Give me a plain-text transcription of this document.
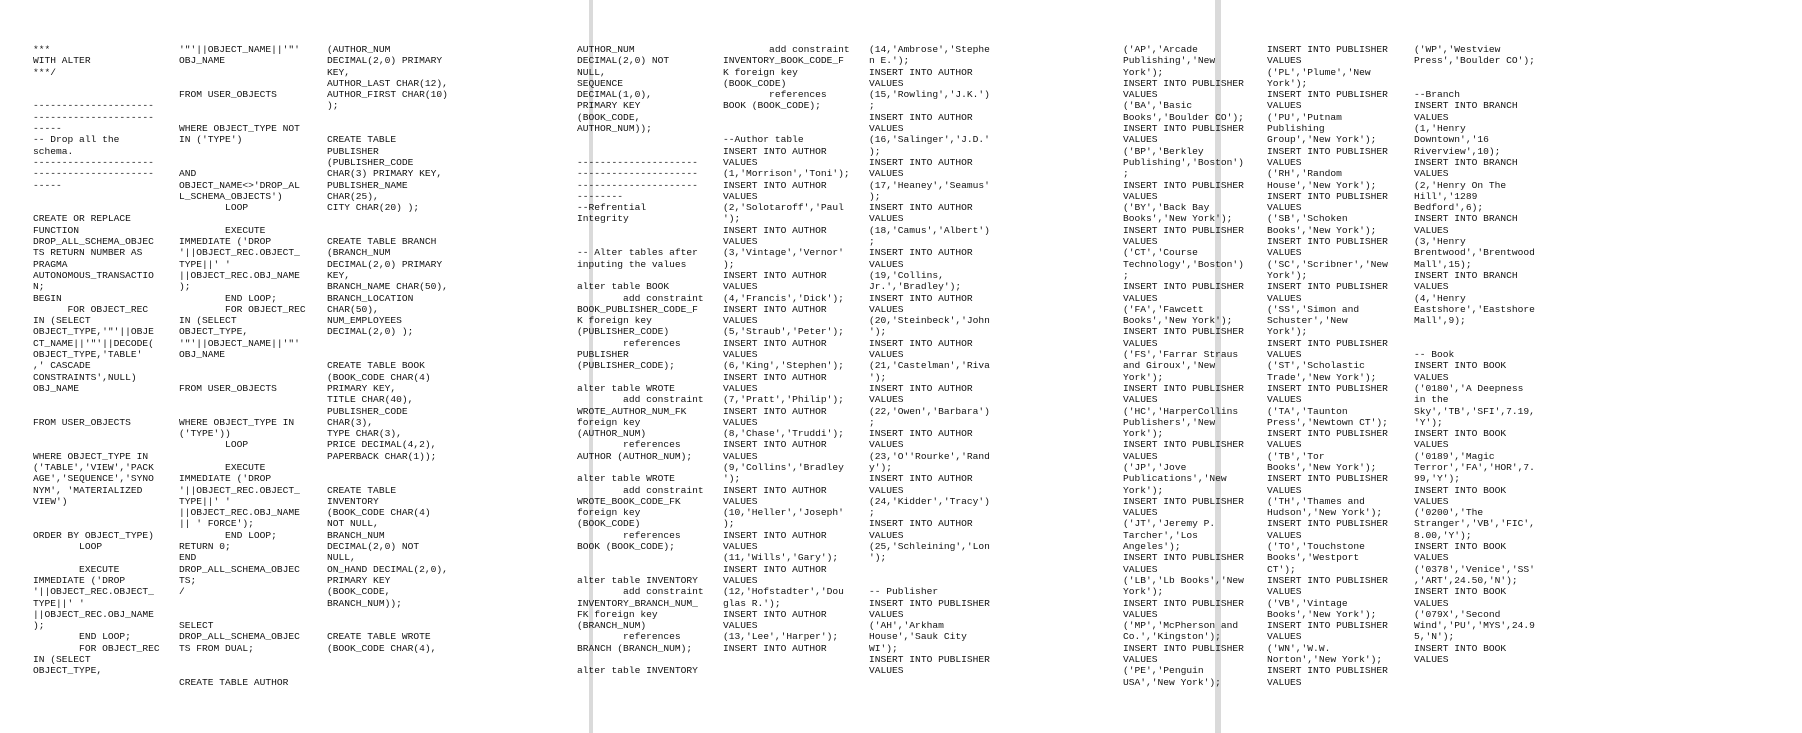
***
WITH ALTER
***/
---------------------
---------------------
-----
-- Drop all the
schema.
---------------------
---------------------
-----
CREATE OR REPLACE
FUNCTION
DROP_ALL_SCHEMA_OBJEC
TS RETURN NUMBER AS
PRAGMA
AUTONOMOUS_TRANSACTIO
N;
BEGIN
FOR OBJECT_REC
IN (SELECT
OBJECT_TYPE,'"'||OBJE
CT_NAME||'"'||DECODE(
OBJECT_TYPE,'TABLE'
,' CASCADE
CONSTRAINTS',NULL)
OBJ_NAME
FROM USER_OBJECTS
WHERE OBJECT_TYPE IN
('TABLE','VIEW','PACK
AGE','SEQUENCE','SYNO
NYM', 'MATERIALIZED
VIEW')
ORDER BY OBJECT_TYPE)
LOOP
EXECUTE
IMMEDIATE ('DROP
'||OBJECT_REC.OBJECT_
TYPE||' '
||OBJECT_REC.OBJ_NAME
);
END LOOP;
FOR OBJECT_REC
IN (SELECT
OBJECT_TYPE,
'"'||OBJECT_NAME||'"'
OBJ_NAME
FROM USER_OBJECTS
WHERE OBJECT_TYPE NOT
IN ('TYPE')
AND
OBJECT_NAME<>'DROP_AL
L_SCHEMA_OBJECTS')
LOOP
EXECUTE
IMMEDIATE ('DROP
'||OBJECT_REC.OBJECT_
TYPE||' '
||OBJECT_REC.OBJ_NAME
);
END LOOP;
FOR OBJECT_REC
IN (SELECT
OBJECT_TYPE,
'"'||OBJECT_NAME||'"'
OBJ_NAME
FROM USER_OBJECTS
WHERE OBJECT_TYPE IN
('TYPE'))
LOOP
EXECUTE
IMMEDIATE ('DROP
'||OBJECT_REC.OBJECT_
TYPE||' '
||OBJECT_REC.OBJ_NAME
|| ' FORCE');
END LOOP;
RETURN 0;
END
DROP_ALL_SCHEMA_OBJEC
TS;
/
SELECT
DROP_ALL_SCHEMA_OBJEC
TS FROM DUAL;
CREATE TABLE AUTHOR
(AUTHOR_NUM
DECIMAL(2,0) PRIMARY
KEY,
AUTHOR_LAST CHAR(12),
AUTHOR_FIRST CHAR(10)
);
CREATE TABLE
PUBLISHER
(PUBLISHER_CODE
CHAR(3) PRIMARY KEY,
PUBLISHER_NAME
CHAR(25),
CITY CHAR(20) );
CREATE TABLE BRANCH
(BRANCH_NUM
DECIMAL(2,0) PRIMARY
KEY,
BRANCH_NAME CHAR(50),
BRANCH_LOCATION
CHAR(50),
NUM_EMPLOYEES
DECIMAL(2,0) );
CREATE TABLE BOOK
(BOOK_CODE CHAR(4)
PRIMARY KEY,
TITLE CHAR(40),
PUBLISHER_CODE
CHAR(3),
TYPE CHAR(3),
PRICE DECIMAL(4,2),
PAPERBACK CHAR(1));
CREATE TABLE
INVENTORY
(BOOK_CODE CHAR(4)
NOT NULL,
BRANCH_NUM
DECIMAL(2,0) NOT
NULL,
ON_HAND DECIMAL(2,0),
PRIMARY KEY
(BOOK_CODE,
BRANCH_NUM));
CREATE TABLE WROTE
(BOOK_CODE CHAR(4),
AUTHOR_NUM
DECIMAL(2,0) NOT
NULL,
SEQUENCE
DECIMAL(1,0),
PRIMARY KEY
(BOOK_CODE,
AUTHOR_NUM));
---------------------
---------------------
---------------------
--------
--Refrential
Integrity
-- Alter tables after
inputing the values
alter table BOOK
add constraint
BOOK_PUBLISHER_CODE_F
K foreign key
(PUBLISHER_CODE)
references
PUBLISHER
(PUBLISHER_CODE);
alter table WROTE
add constraint
WROTE_AUTHOR_NUM_FK
foreign key
(AUTHOR_NUM)
references
AUTHOR (AUTHOR_NUM);
alter table WROTE
add constraint
WROTE_BOOK_CODE_FK
foreign key
(BOOK_CODE)
references
BOOK (BOOK_CODE);
alter table INVENTORY
add constraint
INVENTORY_BRANCH_NUM_
FK foreign key
(BRANCH_NUM)
references
BRANCH (BRANCH_NUM);
alter table INVENTORY
add constraint
INVENTORY_BOOK_CODE_F
K foreign key
(BOOK_CODE)
references
BOOK (BOOK_CODE);
--Author table
INSERT INTO AUTHOR
VALUES
(1,'Morrison','Toni');
INSERT INTO AUTHOR
VALUES
(2,'Solotaroff','Paul
');
INSERT INTO AUTHOR
VALUES
(3,'Vintage','Vernor'
);
INSERT INTO AUTHOR
VALUES
(4,'Francis','Dick');
INSERT INTO AUTHOR
VALUES
(5,'Straub','Peter');
INSERT INTO AUTHOR
VALUES
(6,'King','Stephen');
INSERT INTO AUTHOR
VALUES
(7,'Pratt','Philip');
INSERT INTO AUTHOR
VALUES
(8,'Chase','Truddi');
INSERT INTO AUTHOR
VALUES
(9,'Collins','Bradley
');
INSERT INTO AUTHOR
VALUES
(10,'Heller','Joseph'
);
INSERT INTO AUTHOR
VALUES
(11,'Wills','Gary');
INSERT INTO AUTHOR
VALUES
(12,'Hofstadter','Dou
glas R.');
INSERT INTO AUTHOR
VALUES
(13,'Lee','Harper');
INSERT INTO AUTHOR
(14,'Ambrose','Stephe
n E.');
INSERT INTO AUTHOR
VALUES
(15,'Rowling','J.K.')
;
INSERT INTO AUTHOR
VALUES
(16,'Salinger','J.D.'
);
INSERT INTO AUTHOR
VALUES
(17,'Heaney','Seamus'
);
INSERT INTO AUTHOR
VALUES
(18,'Camus','Albert')
;
INSERT INTO AUTHOR
VALUES
(19,'Collins,
Jr.','Bradley');
INSERT INTO AUTHOR
VALUES
(20,'Steinbeck','John
');
INSERT INTO AUTHOR
VALUES
(21,'Castelman','Riva
');
INSERT INTO AUTHOR
VALUES
(22,'Owen','Barbara')
;
INSERT INTO AUTHOR
VALUES
(23,'O''Rourke','Rand
y');
INSERT INTO AUTHOR
VALUES
(24,'Kidder','Tracy')
;
INSERT INTO AUTHOR
VALUES
(25,'Schleining','Lon
');
-- Publisher
INSERT INTO PUBLISHER
VALUES
('AH','Arkham
House','Sauk City
WI');
INSERT INTO PUBLISHER
VALUES
('AP','Arcade
Publishing','New
York');
INSERT INTO PUBLISHER
VALUES
('BA','Basic
Books','Boulder CO');
INSERT INTO PUBLISHER
VALUES
('BP','Berkley
Publishing','Boston')
;
INSERT INTO PUBLISHER
VALUES
('BY','Back Bay
Books','New York');
INSERT INTO PUBLISHER
VALUES
('CT','Course
Technology','Boston')
;
INSERT INTO PUBLISHER
VALUES
('FA','Fawcett
Books','New York');
INSERT INTO PUBLISHER
VALUES
('FS','Farrar Straus
and Giroux','New
York');
INSERT INTO PUBLISHER
VALUES
('HC','HarperCollins
Publishers','New
York');
INSERT INTO PUBLISHER
VALUES
('JP','Jove
Publications','New
York');
INSERT INTO PUBLISHER
VALUES
('JT','Jeremy P.
Tarcher','Los
Angeles');
INSERT INTO PUBLISHER
VALUES
('LB','Lb Books','New
York');
INSERT INTO PUBLISHER
VALUES
('MP','McPherson and
Co.','Kingston');
INSERT INTO PUBLISHER
VALUES
('PE','Penguin
USA','New York');
INSERT INTO PUBLISHER
VALUES
('PL','Plume','New
York');
INSERT INTO PUBLISHER
VALUES
('PU','Putnam
Publishing
Group','New York');
INSERT INTO PUBLISHER
VALUES
('RH','Random
House','New York');
INSERT INTO PUBLISHER
VALUES
('SB','Schoken
Books','New York');
INSERT INTO PUBLISHER
VALUES
('SC','Scribner','New
York');
INSERT INTO PUBLISHER
VALUES
('SS','Simon and
Schuster','New
York');
INSERT INTO PUBLISHER
VALUES
('ST','Scholastic
Trade','New York');
INSERT INTO PUBLISHER
VALUES
('TA','Taunton
Press','Newtown CT');
INSERT INTO PUBLISHER
VALUES
('TB','Tor
Books','New York');
INSERT INTO PUBLISHER
VALUES
('TH','Thames and
Hudson','New York');
INSERT INTO PUBLISHER
VALUES
('TO','Touchstone
Books','Westport
CT');
INSERT INTO PUBLISHER
VALUES
('VB','Vintage
Books','New York');
INSERT INTO PUBLISHER
VALUES
('WN','W.W.
Norton','New York');
INSERT INTO PUBLISHER
VALUES
('WP','Westview
Press','Boulder CO');
--Branch
INSERT INTO BRANCH
VALUES
(1,'Henry
Downtown','16
Riverview',10);
INSERT INTO BRANCH
VALUES
(2,'Henry On The
Hill','1289
Bedford',6);
INSERT INTO BRANCH
VALUES
(3,'Henry
Brentwood','Brentwood
Mall',15);
INSERT INTO BRANCH
VALUES
(4,'Henry
Eastshore','Eastshore
Mall',9);
-- Book
INSERT INTO BOOK
VALUES
('0180','A Deepness
in the
Sky','TB','SFI',7.19,
'Y');
INSERT INTO BOOK
VALUES
('0189','Magic
Terror','FA','HOR',7.
99,'Y');
INSERT INTO BOOK
VALUES
('0200','The
Stranger','VB','FIC',
8.00,'Y');
INSERT INTO BOOK
VALUES
('0378','Venice','SS'
,'ART',24.50,'N');
INSERT INTO BOOK
VALUES
('079X','Second
Wind','PU','MYS',24.9
5,'N');
INSERT INTO BOOK
VALUES
